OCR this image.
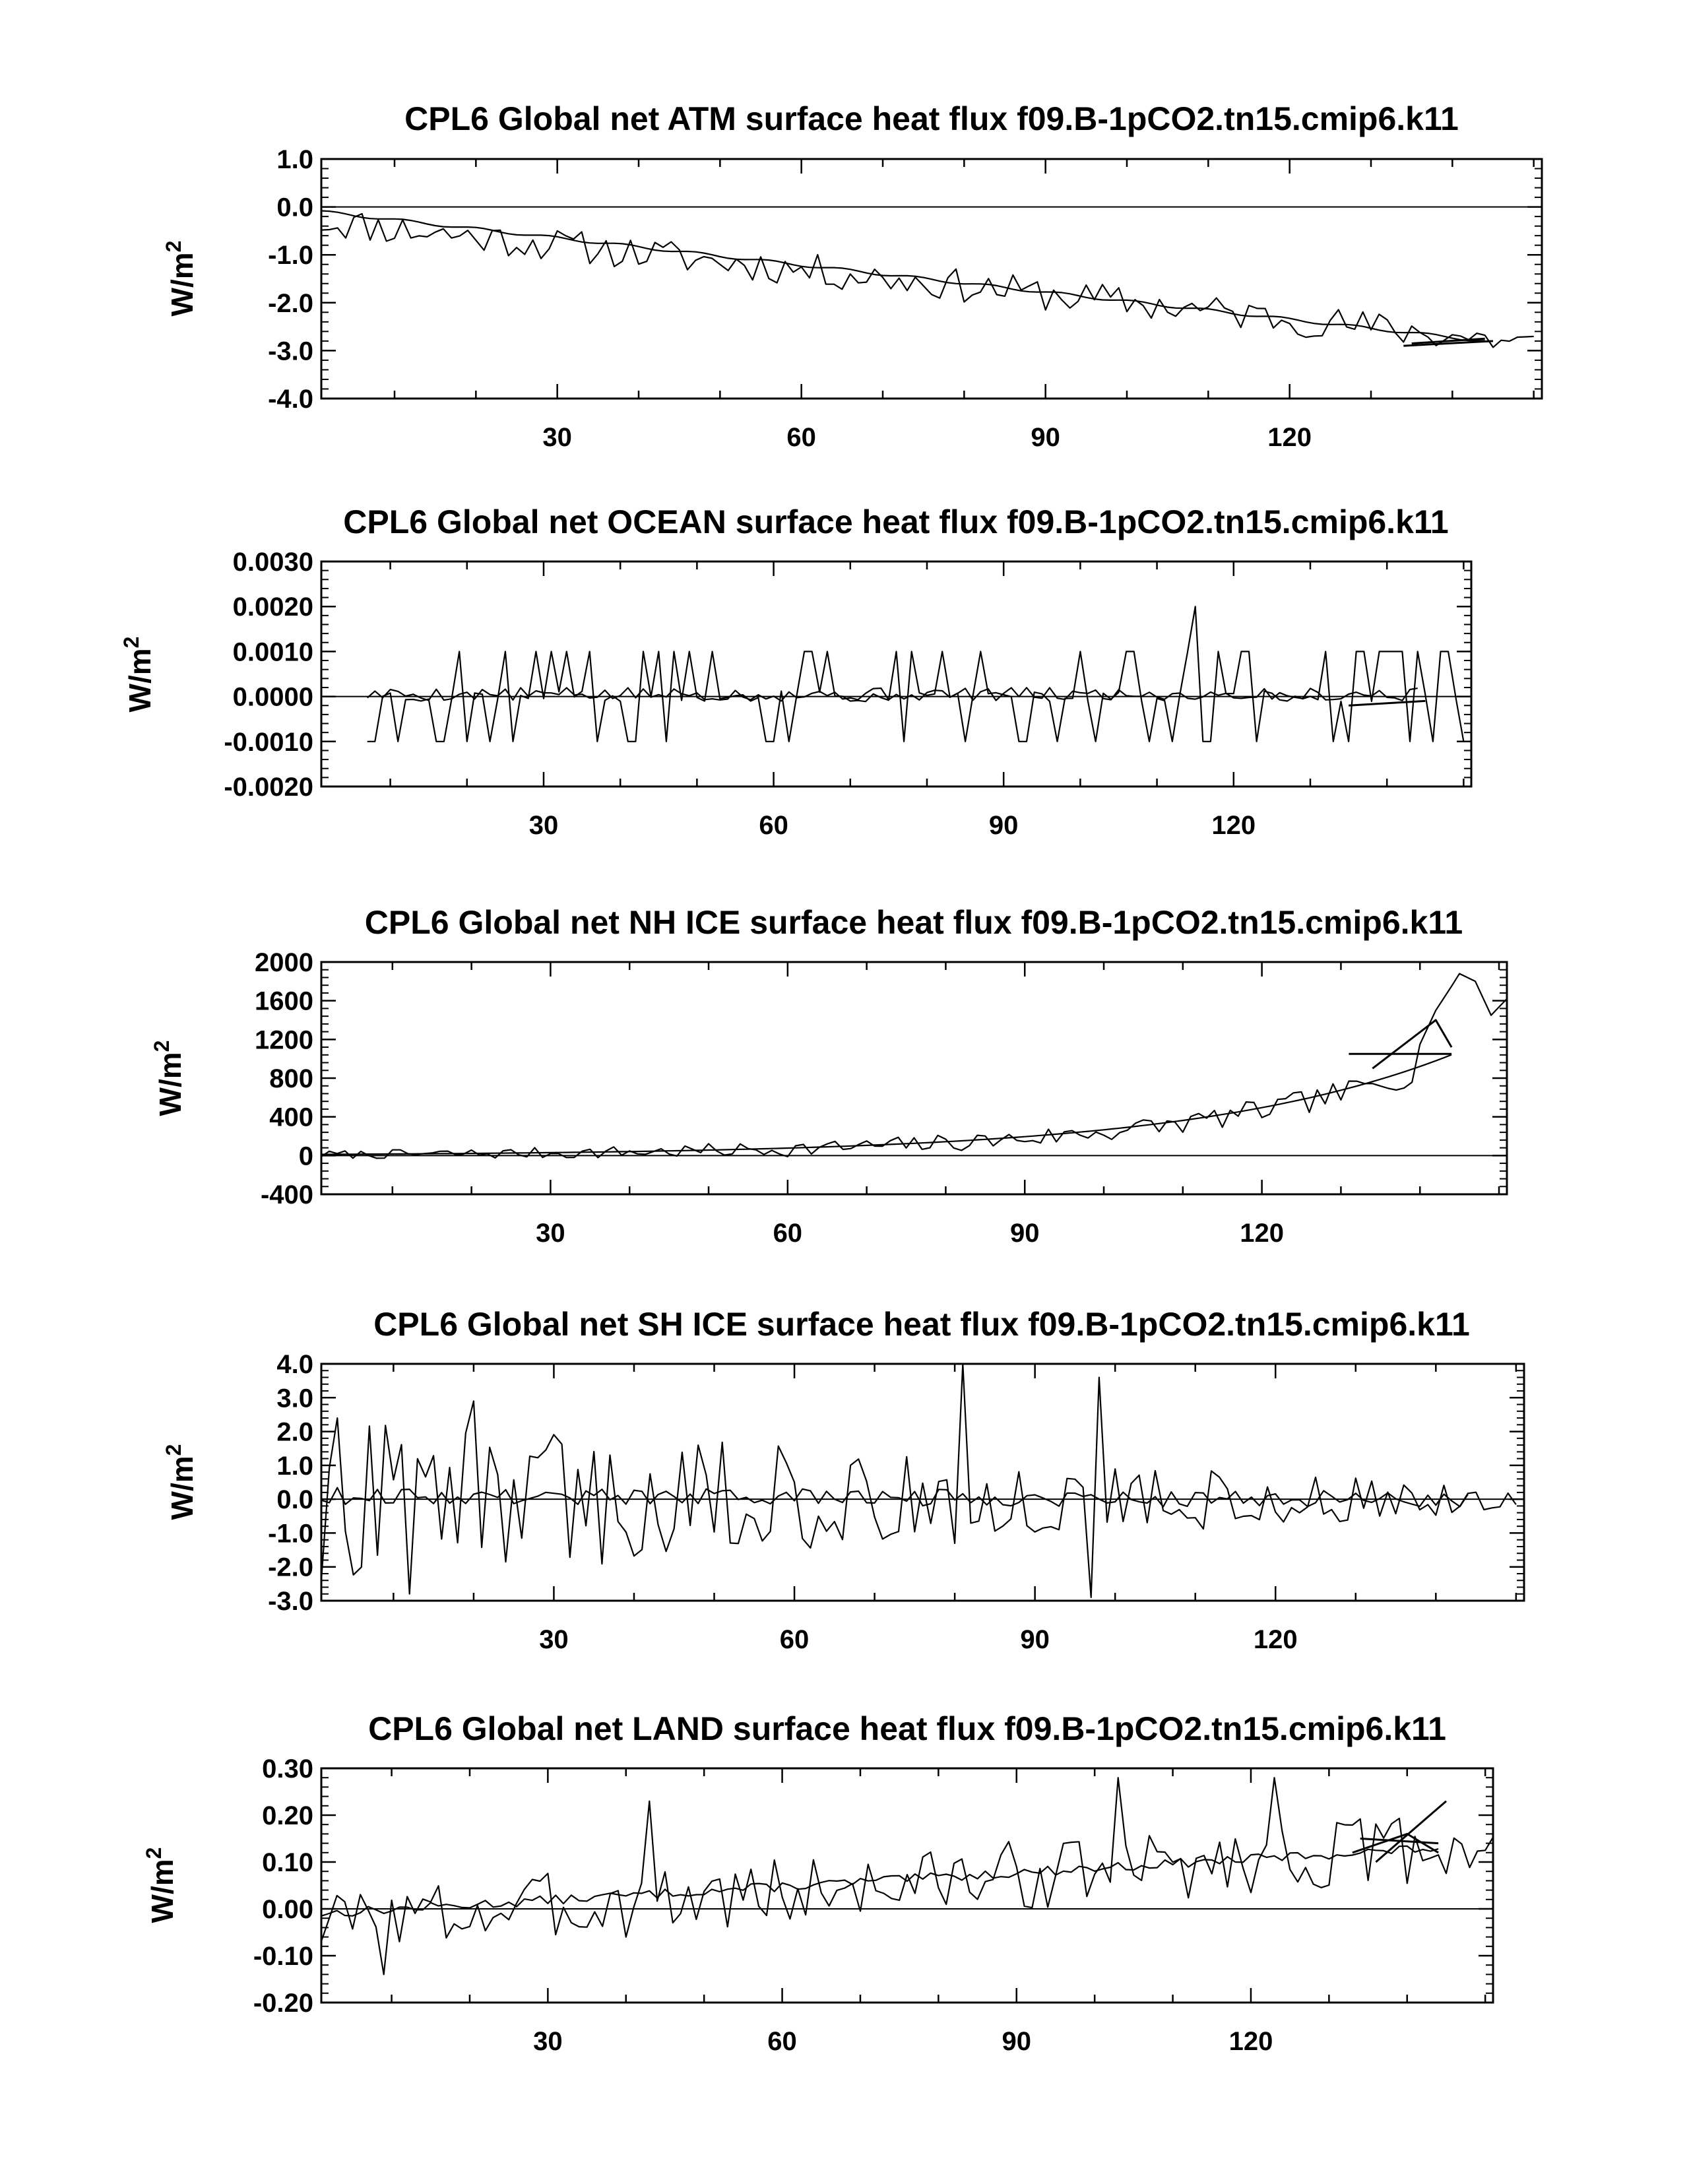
CPL6 Global net ATM surface heat flux f09.B-1pCO2.tn15.cmip6.k11
$W/m^2$
-4.0
-3.0
-2.0
-1.0
0.0
1.0
30	60	90	120
CPL6 Global net OCEAN surface heat flux f09.B-1pCO2.tn15.cmip6.k11
$W/m^2$
-0.0020
-0.0010
0.0000
0.0010
0.0020
0.0030
30	60	90	120
CPL6 Global net NH ICE surface heat flux f09.B-1pCO2.tn15.cmip6.k11
$W/m^2$
-400
0
400
800
1200
1600
2000
30	60	90	120
CPL6 Global net SH ICE surface heat flux f09.B-1pCO2.tn15.cmip6.k11
$W/m^2$
-3.0
-2.0
-1.0
0.0
1.0
2.0
3.0
4.0
30	60	90	120
CPL6 Global net LAND surface heat flux f09.B-1pCO2.tn15.cmip6.k11
$W/m^2$
-0.20
-0.10
0.00
0.10
0.20
0.30
30	60	90	120
